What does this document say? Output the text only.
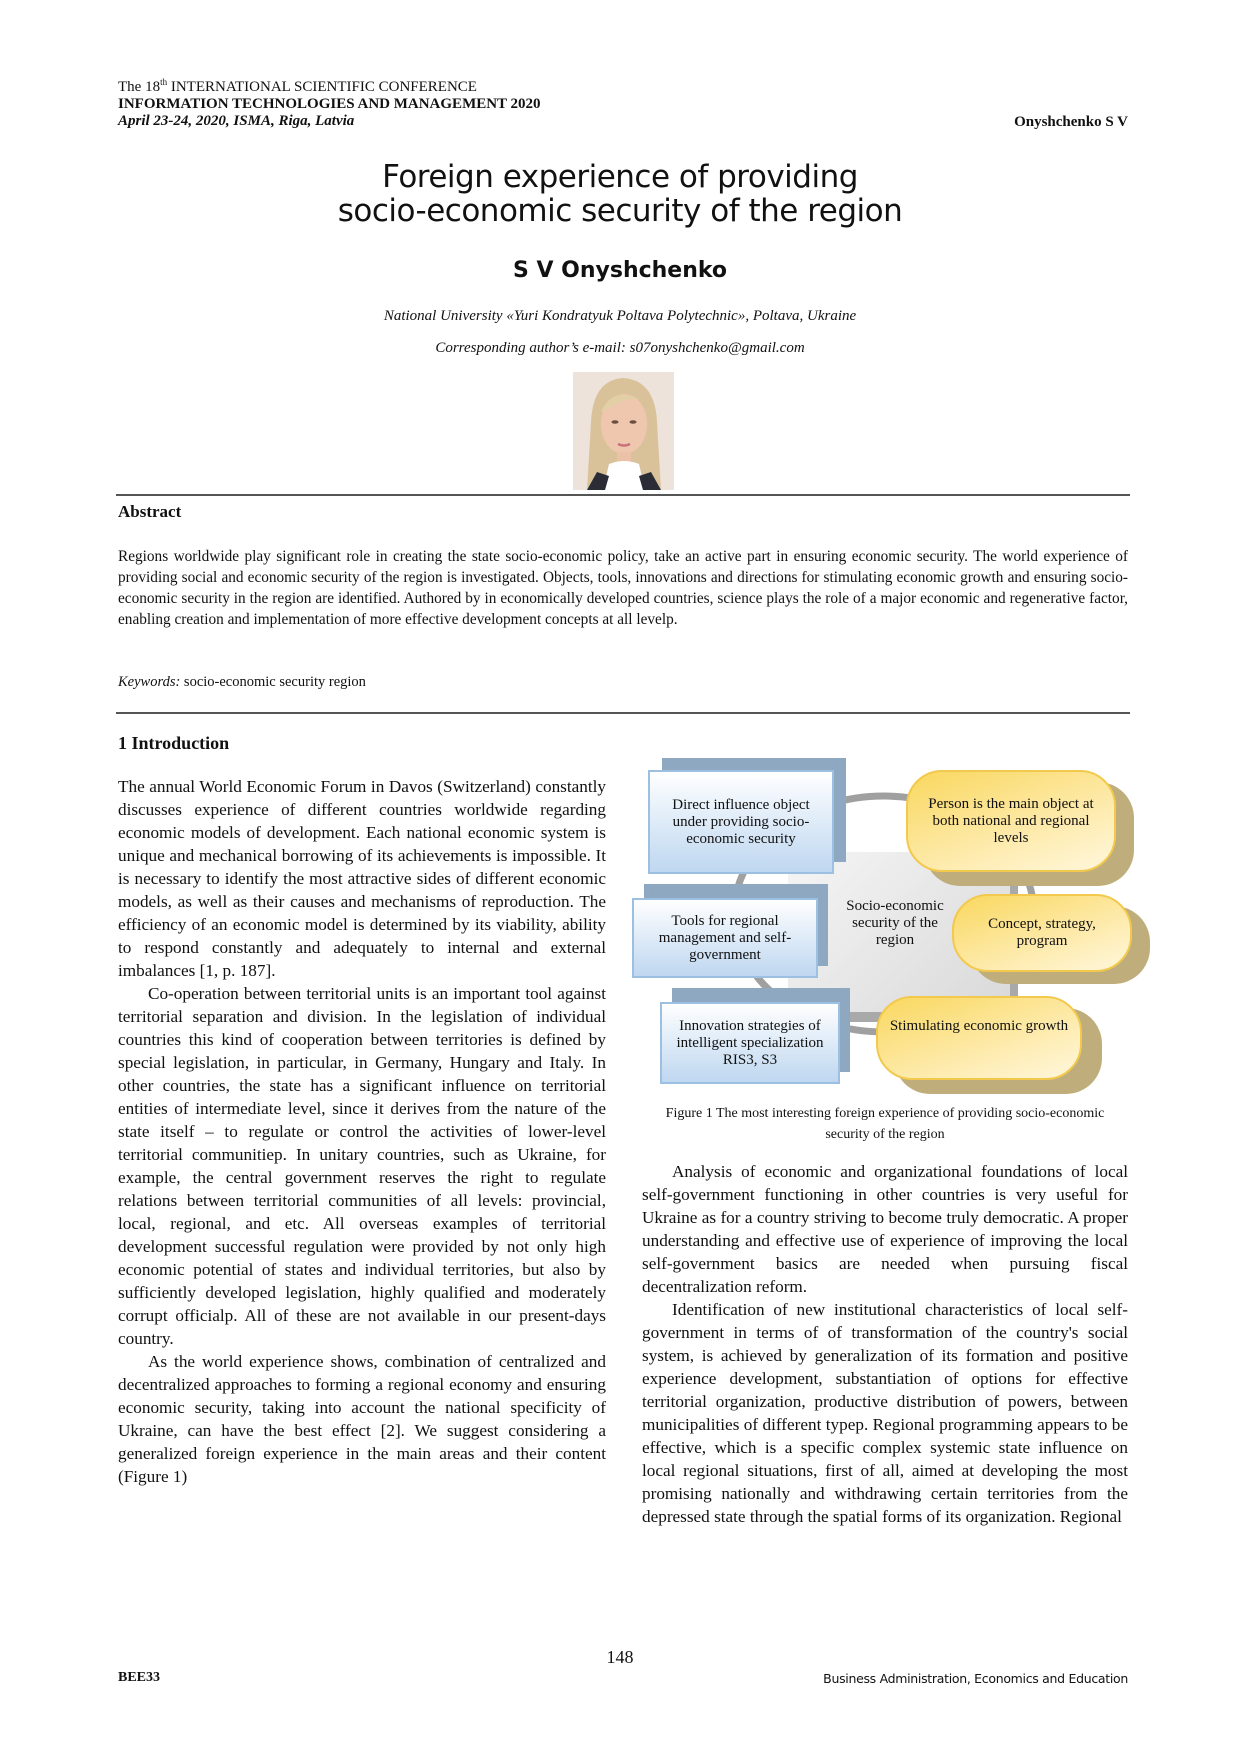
The 18th INTERNATIONAL SCIENTIFIC CONFERENCE
INFORMATION TECHNOLOGIES AND MANAGEMENT 2020
April 23-24, 2020, ISMA, Riga, Latvia	Onyshchenko S V
Foreign experience of providing
socio-economic security of the region
S V Onyshchenko
National University «Yuri Kondratyuk Poltava Polytechnic», Poltava, Ukraine
Corresponding author’s e-mail: s07onyshchenko@gmail.com
Abstract
Regions worldwide play significant role in creating the state socio-economic policy, take an active part in ensuring economic security. The world experience of providing social and economic security of the region is investigated. Objects, tools, innovations and directions for stimulating economic growth and ensuring socio-economic security in the region are identified. Authored by in economically developed countries, science plays the role of a major economic and regenerative factor, enabling creation and implementation of more effective development concepts at all levelp.
Keywords: socio-economic security region
1 Introduction

The annual World Economic Forum in Davos (Switzerland) constantly discusses experience of different countries worldwide regarding economic models of development. Each national economic system is unique and mechanical borrowing of its achievements is impossible. It is necessary to identify the most attractive sides of different economic models, as well as their causes and mechanisms of reproduction. The efficiency of an economic model is determined by its viability, ability to respond constantly and adequately to internal and external imbalances [1, p. 187].

Co-operation between territorial units is an important tool against territorial separation and division. In the legislation of individual countries this kind of cooperation between territories is defined by special legislation, in particular, in Germany, Hungary and Italy. In other countries, the state has a significant influence on territorial entities of intermediate level, since it derives from the nature of the state itself – to regulate or control the activities of lower-level territorial communitiep. In unitary countries, such as Ukraine, for example, the central government reserves the right to regulate relations between territorial communities of all levels: provincial, local, regional, and etc. All overseas examples of territorial development successful regulation were provided by not only high economic potential of states and individual territories, but also by sufficiently developed legislation, highly qualified and moderately corrupt officialp. All of these are not available in our present-days country.

As the world experience shows, combination of centralized and decentralized approaches to forming a regional economy and ensuring economic security, taking into account the national specificity of Ukraine, can have the best effect [2]. We suggest considering a generalized foreign experience in the main areas and their content (Figure 1)

Socio-economic security of the region
Direct influence object under providing socio-economic security
Tools for regional management and self-government
Innovation strategies of intelligent specialization RIS3, S3
Person is the main object at both national and regional levels
Concept, strategy, program
Stimulating economic growth
Figure 1 The most interesting foreign experience of providing socio-economic security of the region

Analysis of economic and organizational foundations of local self-government functioning in other countries is very useful for Ukraine as for a country striving to become truly democratic. A proper understanding and effective use of experience of improving the local self-government basics are needed when pursuing fiscal decentralization reform.

Identification of new institutional characteristics of local self-government in terms of of transformation of the country's social system, is achieved by generalization of its formation and positive experience development, substantiation of options for effective territorial organization, productive distribution of powers, between municipalities of different typep. Regional programming appears to be effective, which is a specific complex systemic state influence on local regional situations, first of all, aimed at developing the most promising nationally and withdrawing certain territories from the depressed state through the spatial forms of its organization. Regional

148
BEE33	Business Administration, Economics and Education
